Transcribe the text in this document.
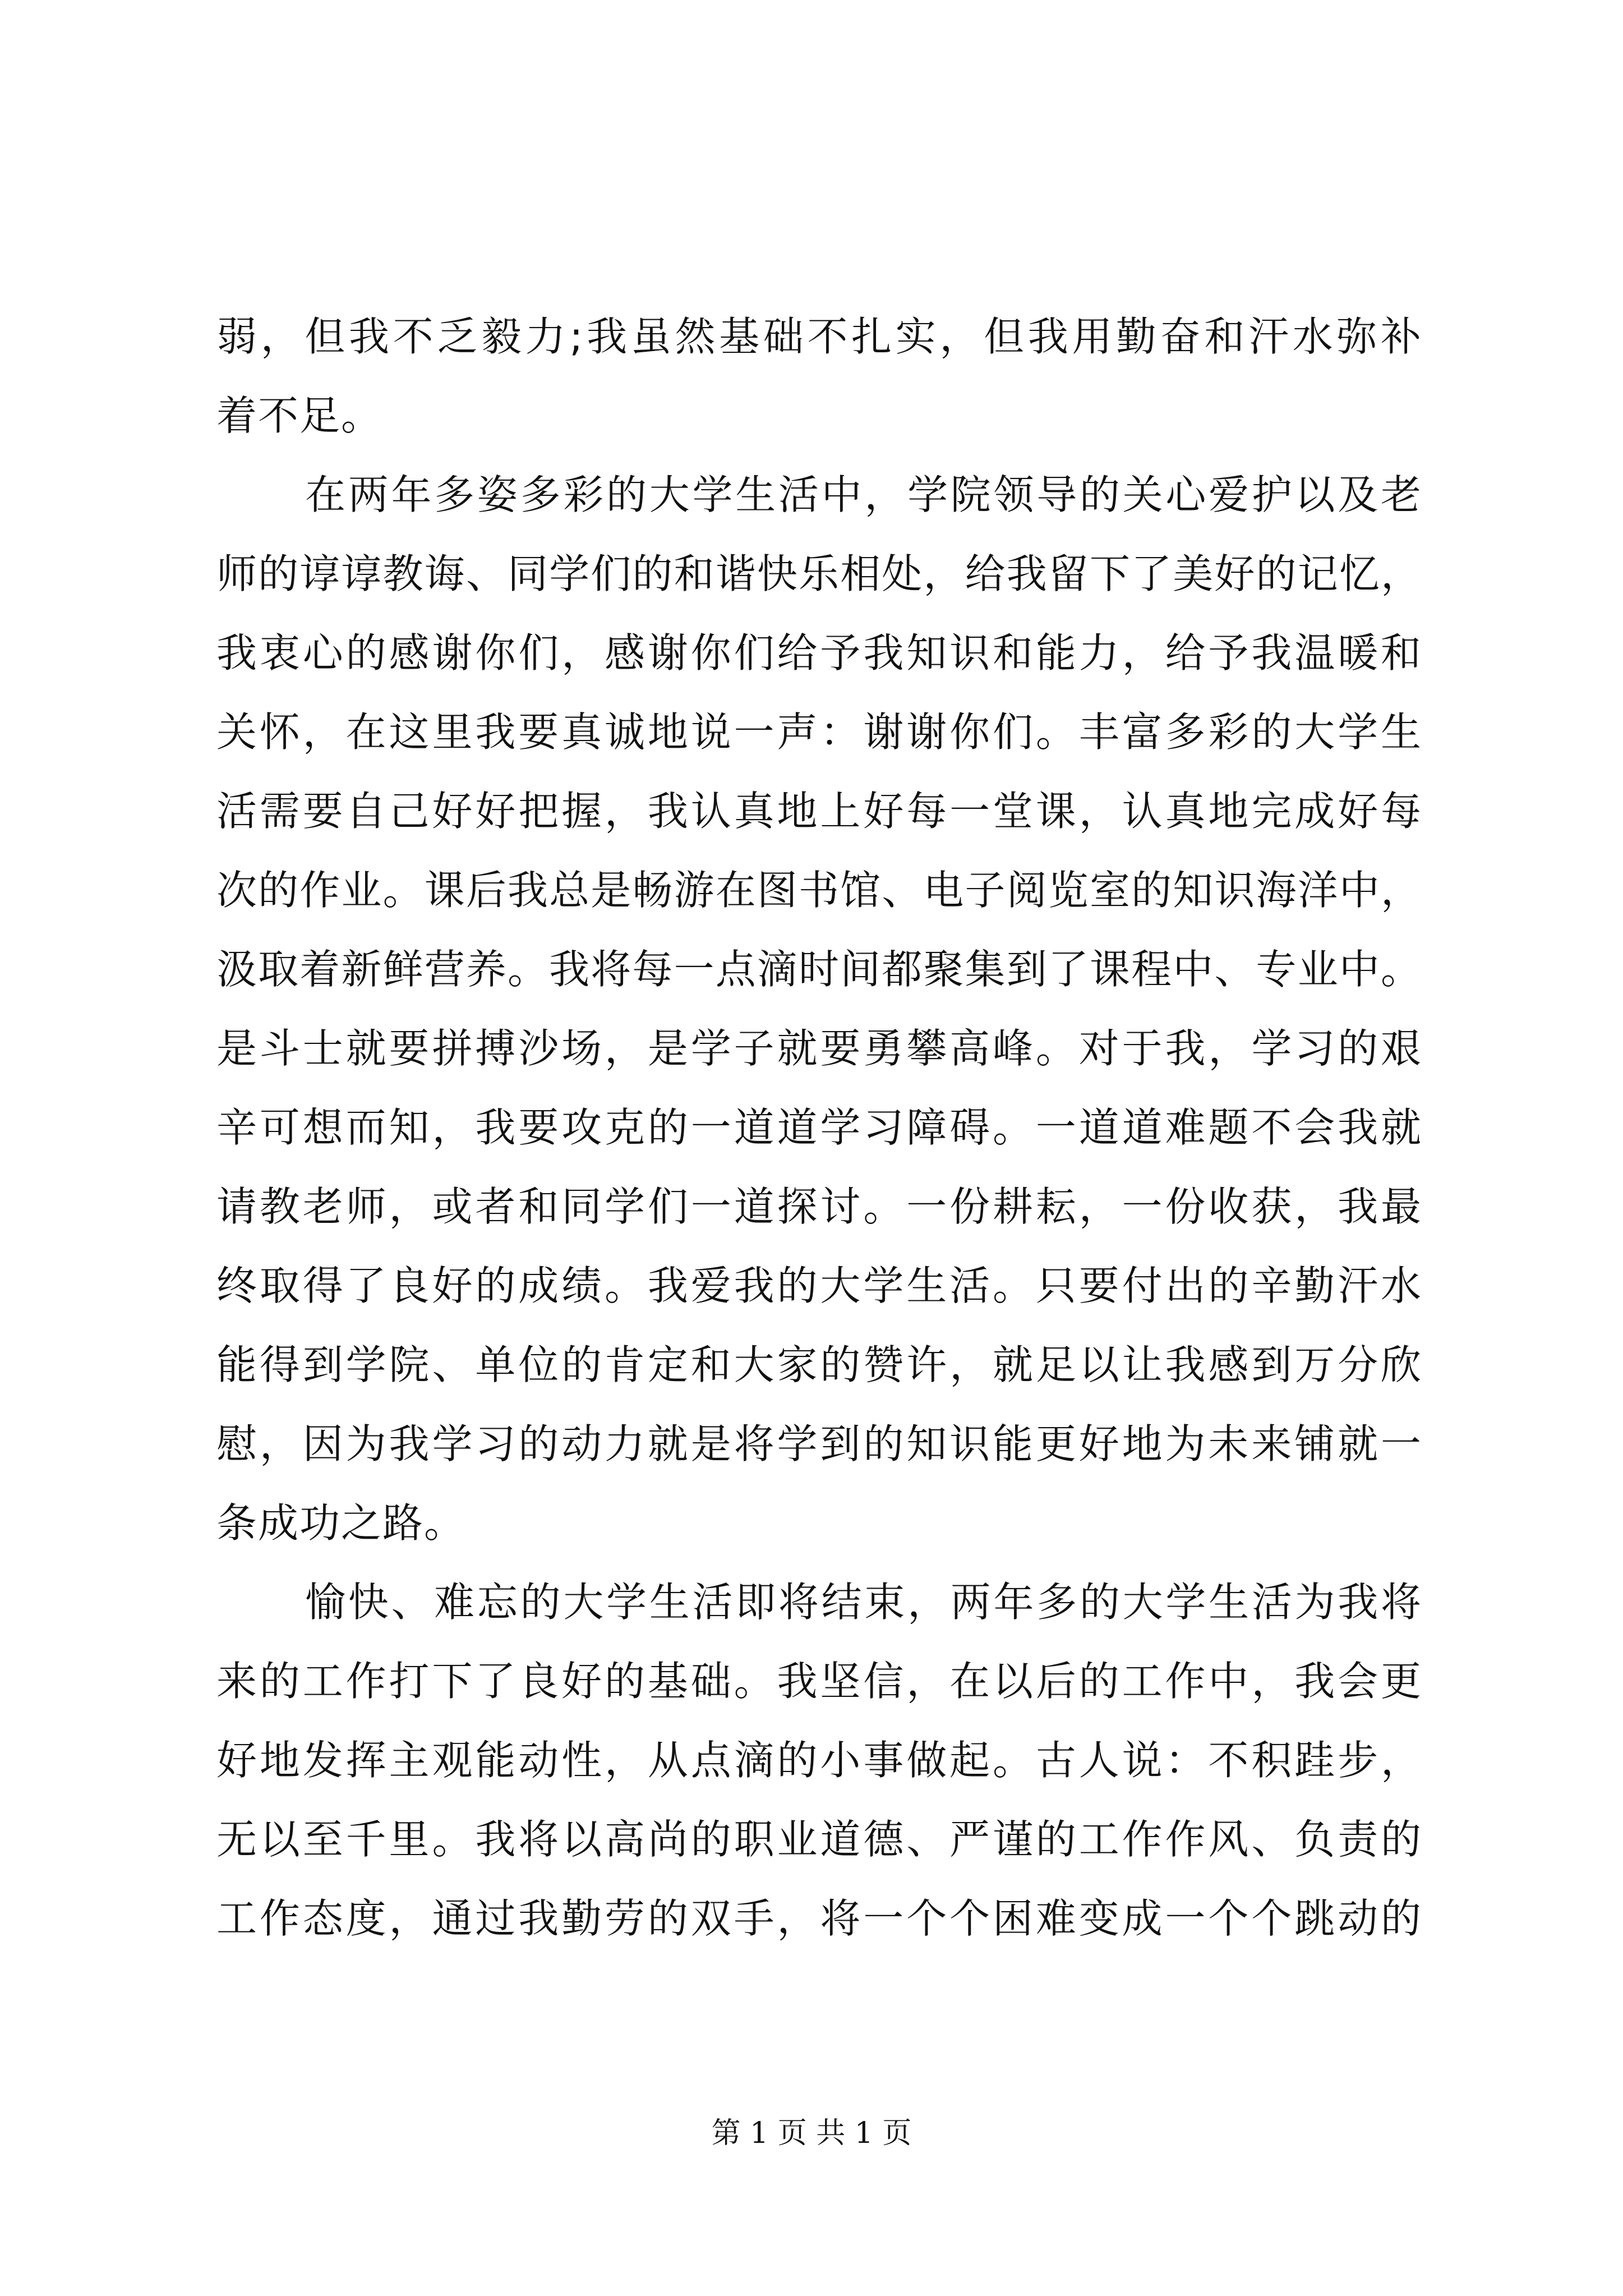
弱，但我不乏毅力;我虽然基础不扎实，但我用勤奋和汗水弥补
着不足。
在两年多姿多彩的大学生活中，学院领导的关心爱护以及老
师的谆谆教诲、同学们的和谐快乐相处，给我留下了美好的记忆，
我衷心的感谢你们，感谢你们给予我知识和能力，给予我温暖和
关怀，在这里我要真诚地说一声：谢谢你们。丰富多彩的大学生
活需要自己好好把握，我认真地上好每一堂课，认真地完成好每
次的作业。课后我总是畅游在图书馆、电子阅览室的知识海洋中，
汲取着新鲜营养。我将每一点滴时间都聚集到了课程中、专业中。
是斗士就要拼搏沙场，是学子就要勇攀高峰。对于我，学习的艰
辛可想而知，我要攻克的一道道学习障碍。一道道难题不会我就
请教老师，或者和同学们一道探讨。一份耕耘，一份收获，我最
终取得了良好的成绩。我爱我的大学生活。只要付出的辛勤汗水
能得到学院、单位的肯定和大家的赞许，就足以让我感到万分欣
慰，因为我学习的动力就是将学到的知识能更好地为未来铺就一
条成功之路。
愉快、难忘的大学生活即将结束，两年多的大学生活为我将
来的工作打下了良好的基础。我坚信，在以后的工作中，我会更
好地发挥主观能动性，从点滴的小事做起。古人说：不积跬步，
无以至千里。我将以高尚的职业道德、严谨的工作作风、负责的
工作态度，通过我勤劳的双手，将一个个困难变成一个个跳动的
第 1 页 共 1 页
